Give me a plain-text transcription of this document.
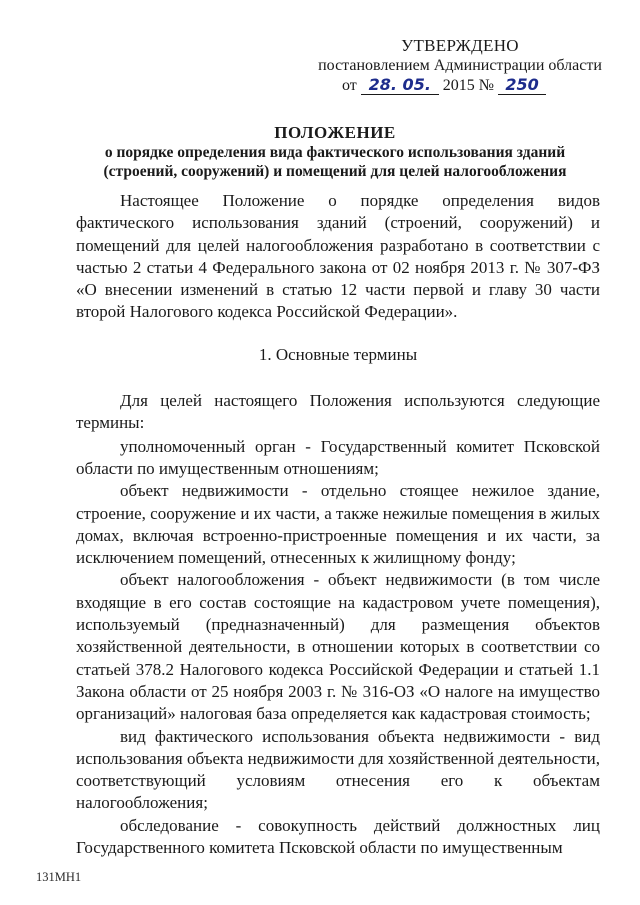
УТВЕРЖДЕНО
постановлением Администрации области
от 28. 05. 2015 № 250
ПОЛОЖЕНИЕ
о порядке определения вида фактического использования зданий
(строений, сооружений) и помещений для целей налогообложения

Настоящее Положение о порядке определения видов фактического использования зданий (строений, сооружений) и помещений для целей налогообложения разработано в соответствии с частью 2 статьи 4 Федерального закона от 02 ноября 2013 г. № 307-ФЗ «О внесении изменений в статью 12 части первой и главу 30 части второй Налогового кодекса Российской Федерации».

1. Основные термины

Для целей настоящего Положения используются следующие термины:

уполномоченный орган - Государственный комитет Псковской области по имущественным отношениям;

объект недвижимости - отдельно стоящее нежилое здание, строение, сооружение и их части, а также нежилые помещения в жилых домах, включая встроенно-пристроенные помещения и их части, за исключением помещений, отнесенных к жилищному фонду;

объект налогообложения - объект недвижимости (в том числе входящие в его состав состоящие на кадастровом учете помещения), используемый (предназначенный) для размещения объектов хозяйственной деятельности, в отношении которых в соответствии со статьей 378.2 Налогового кодекса Российской Федерации и статьей 1.1 Закона области от 25 ноября 2003 г. № 316-ОЗ «О налоге на имущество организаций» налоговая база определяется как кадастровая стоимость;

вид фактического использования объекта недвижимости - вид использования объекта недвижимости для хозяйственной деятельности, соответствующий условиям отнесения его к объектам налогообложения;

обследование - совокупность действий должностных лиц Государственного комитета Псковской области по имущественным

131МН1
